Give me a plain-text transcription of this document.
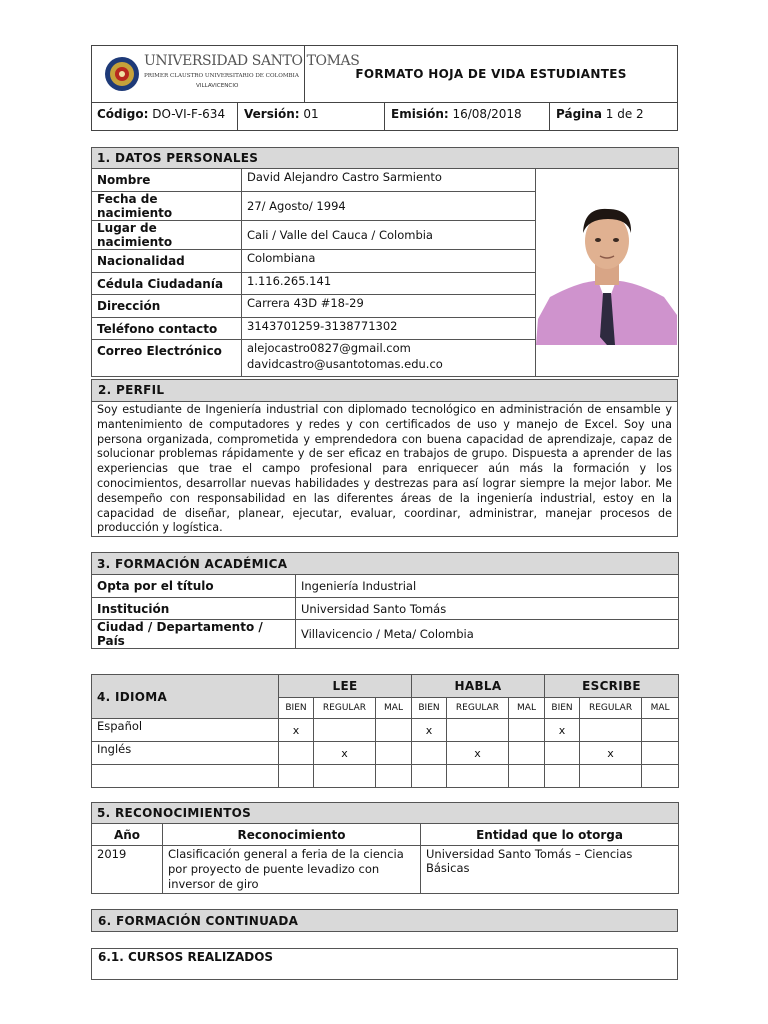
UNIVERSIDAD SANTO TOMAS
PRIMER CLAUSTRO UNIVERSITARIO DE COLOMBIA
VILLAVICENCIO
FORMATO HOJA DE VIDA ESTUDIANTES
Código: DO-VI-F-634	Versión: 01	Emisión: 16/08/2018	Página 1 de 2
1. DATOS PERSONALES		
Nombre	David Alejandro Castro Sarmiento	

Fecha de nacimiento	27/ Agosto/ 1994	
Lugar de nacimiento	Cali / Valle del Cauca / Colombia	
Nacionalidad	Colombiana	
Cédula Ciudadanía	1.116.265.141	
Dirección	Carrera 43D #18-29	
Teléfono contacto	3143701259-3138771302	
Correo Electrónico	alejocastro0827@gmail.com
davidcastro@usantotomas.edu.co	
2. PERFIL
Soy estudiante de Ingeniería industrial con diplomado tecnológico en administración de ensamble y mantenimiento de computadores y redes y con certificados de uso y manejo de Excel. Soy una persona organizada, comprometida y emprendedora con buena capacidad de aprendizaje, capaz de solucionar problemas rápidamente y de ser eficaz en trabajos de grupo. Dispuesta a aprender de las experiencias que trae el campo profesional para enriquecer aún más la formación y los conocimientos, desarrollar nuevas habilidades y destrezas para así lograr siempre la mejor labor. Me desempeño con responsabilidad en las diferentes áreas de la ingeniería industrial, estoy en la capacidad de diseñar, planear, ejecutar, evaluar, coordinar, administrar, manejar procesos de producción y logística.
3. FORMACIÓN ACADÉMICA	
Opta por el título	Ingeniería Industrial
Institución	Universidad Santo Tomás
Ciudad / Departamento / País	Villavicencio / Meta/ Colombia
4. IDIOMA	LEE			HABLA			ESCRIBE		
	BIEN	REGULAR	MAL	BIEN	REGULAR	MAL	BIEN	REGULAR	MAL
Español	x			x			x		
Inglés		x			x			x	

5. RECONOCIMIENTOS		
Año	Reconocimiento	Entidad que lo otorga
2019	Clasificación general a feria de la ciencia por proyecto de puente levadizo con inversor de giro	Universidad Santo Tomás – Ciencias Básicas
6. FORMACIÓN CONTINUADA
6.1. CURSOS REALIZADOS
